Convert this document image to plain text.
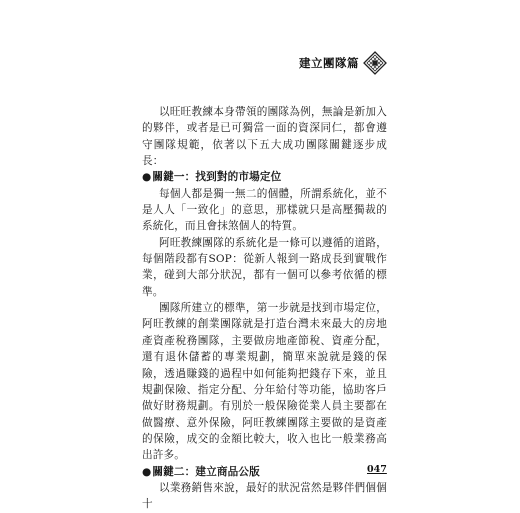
建立團隊篇

以旺旺教練本身帶領的團隊為例，無論是新加入的夥伴，或者是已可獨當一面的資深同仁，都會遵守團隊規範，依著以下五大成功團隊關鍵逐步成長：

●關鍵一：找到對的市場定位

每個人都是獨一無二的個體，所謂系統化，並不是人人「一致化」的意思，那樣就只是高壓獨裁的系統化，而且會抹煞個人的特質。

阿旺教練團隊的系統化是一條可以遵循的道路，每個階段都有SOP：從新人報到一路成長到實戰作業，碰到大部分狀況，都有一個可以參考依循的標準。

團隊所建立的標準，第一步就是找到市場定位，阿旺教練的創業團隊就是打造台灣未來最大的房地產資產稅務團隊，主要做房地產節稅、資產分配，還有退休儲蓄的專業規劃，簡單來說就是錢的保險，透過賺錢的過程中如何能夠把錢存下來，並且規劃保險、指定分配、分年給付等功能，協助客戶做好財務規劃。有別於一般保險從業人員主要都在做醫療、意外保險，阿旺教練團隊主要做的是資產的保險，成交的金額比較大，收入也比一般業務高出許多。

●關鍵二：建立商品公版

以業務銷售來說，最好的狀況當然是夥伴們個個十

047
